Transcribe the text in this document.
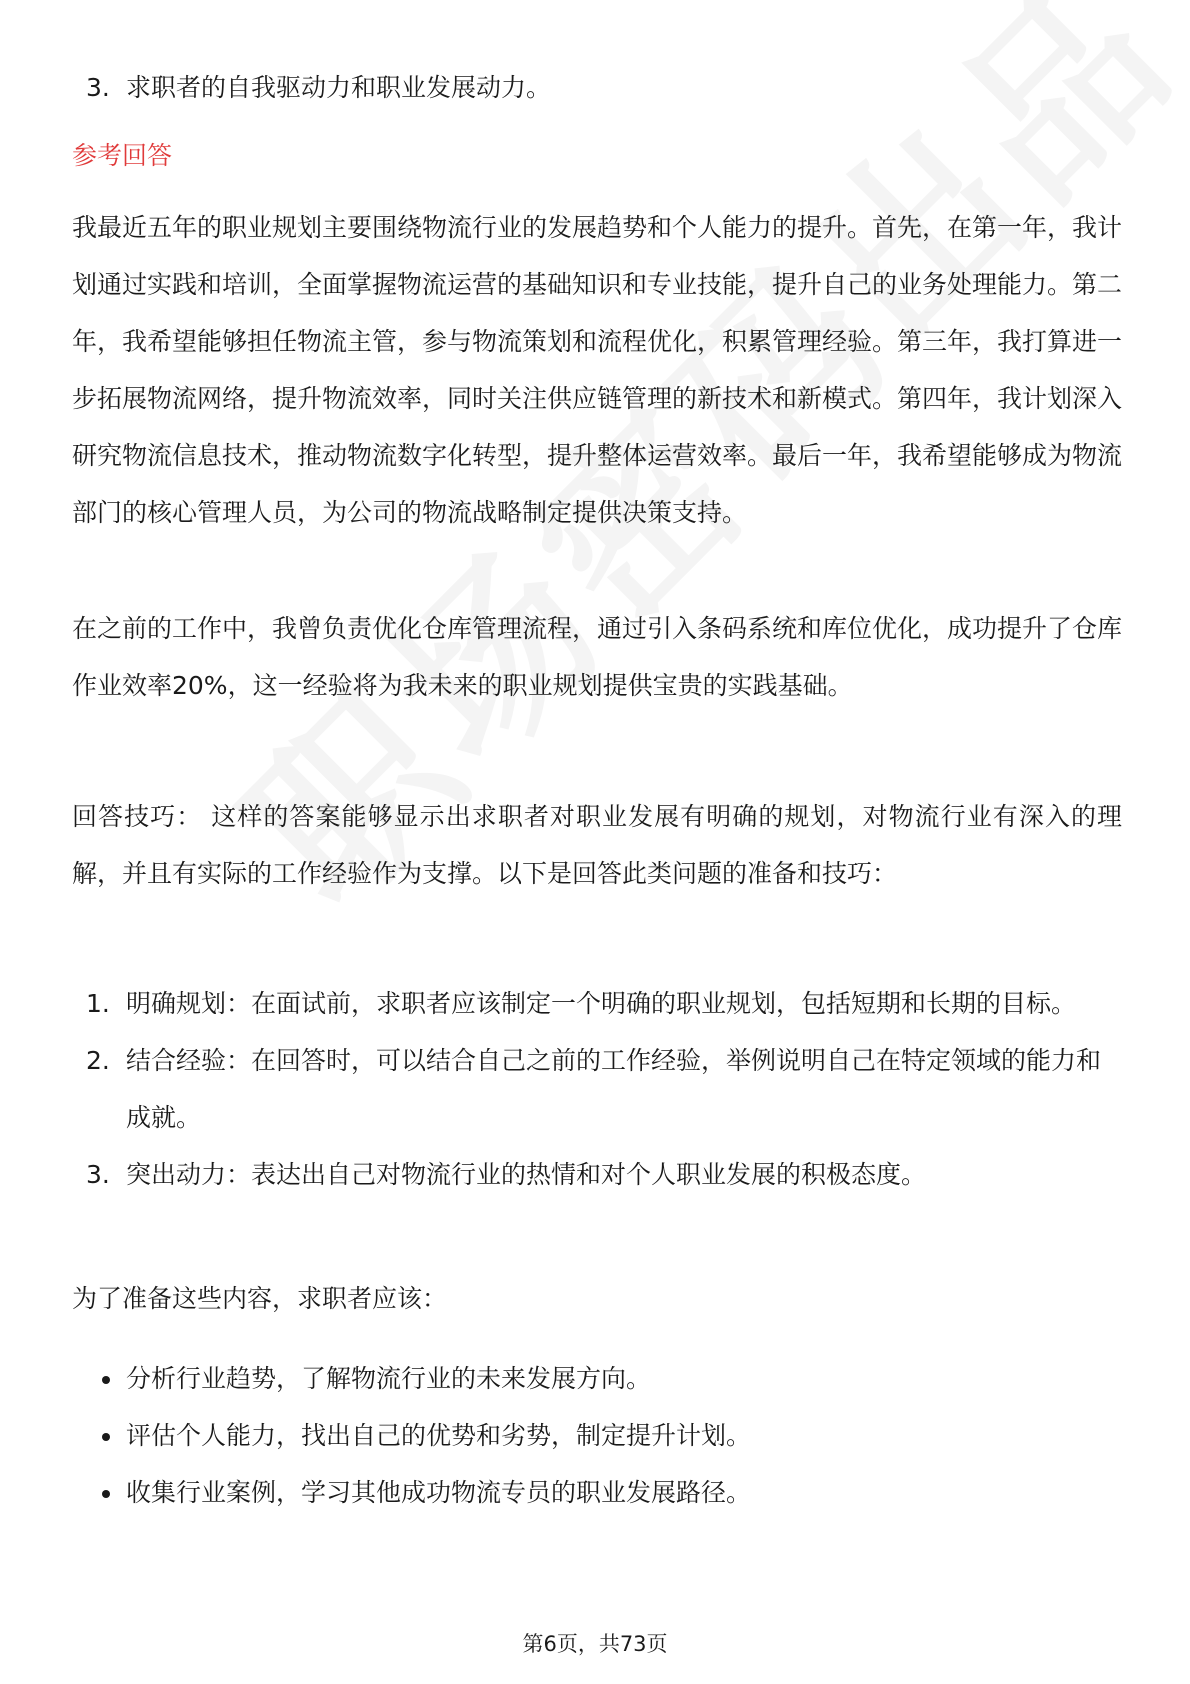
3. 求职者的自我驱动力和职业发展动力。
参考回答

我最近五年的职业规划主要围绕物流行业的发展趋势和个人能力的提升。首先，在第一年，我计划通过实践和培训，全面掌握物流运营的基础知识和专业技能，提升自己的业务处理能力。第二年，我希望能够担任物流主管，参与物流策划和流程优化，积累管理经验。第三年，我打算进一步拓展物流网络，提升物流效率，同时关注供应链管理的新技术和新模式。第四年，我计划深入研究物流信息技术，推动物流数字化转型，提升整体运营效率。最后一年，我希望能够成为物流部门的核心管理人员，为公司的物流战略制定提供决策支持。

在之前的工作中，我曾负责优化仓库管理流程，通过引入条码系统和库位优化，成功提升了仓库作业效率20%，这一经验将为我未来的职业规划提供宝贵的实践基础。

回答技巧： 这样的答案能够显示出求职者对职业发展有明确的规划，对物流行业有深入的理解，并且有实际的工作经验作为支撑。以下是回答此类问题的准备和技巧：

1. 明确规划：在面试前，求职者应该制定一个明确的职业规划，包括短期和长期的目标。
2. 结合经验：在回答时，可以结合自己之前的工作经验，举例说明自己在特定领域的能力和成就。
3. 突出动力：表达出自己对物流行业的热情和对个人职业发展的积极态度。

为了准备这些内容，求职者应该：

分析行业趋势，了解物流行业的未来发展方向。
评估个人能力，找出自己的优势和劣势，制定提升计划。
收集行业案例，学习其他成功物流专员的职业发展路径。
第6页，共73页
